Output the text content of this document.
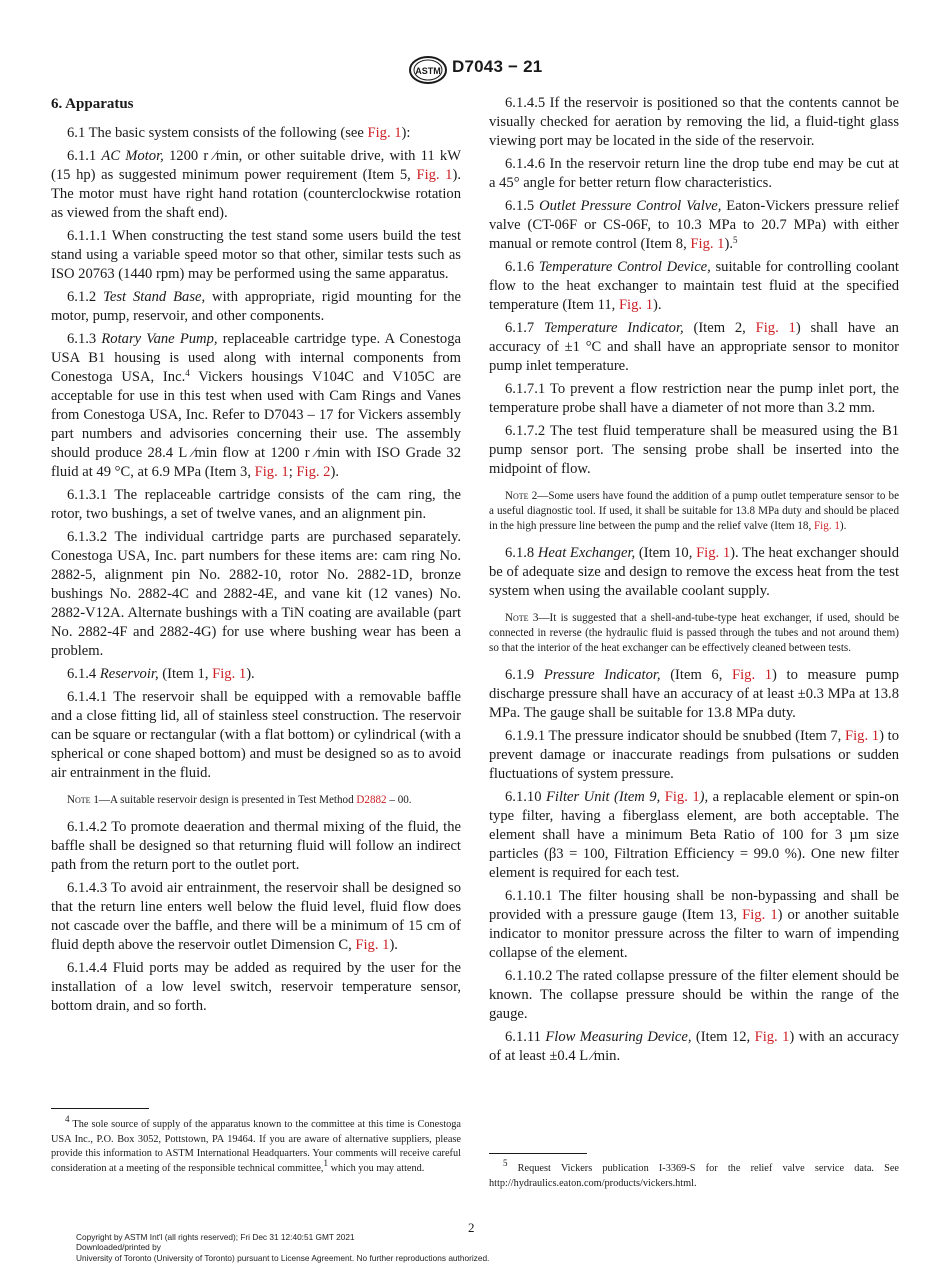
ASTM D7043 − 21
6. Apparatus

6.1 The basic system consists of the following (see Fig. 1):

6.1.1 AC Motor, 1200 r ⁄min, or other suitable drive, with 11 kW (15 hp) as suggested minimum power requirement (Item 5, Fig. 1). The motor must have right hand rotation (counterclockwise rotation as viewed from the shaft end).

6.1.1.1 When constructing the test stand some users build the test stand using a variable speed motor so that other, similar tests such as ISO 20763 (1440 rpm) may be performed using the same apparatus.

6.1.2 Test Stand Base, with appropriate, rigid mounting for the motor, pump, reservoir, and other components.

6.1.3 Rotary Vane Pump, replaceable cartridge type. A Conestoga USA B1 housing is used along with internal components from Conestoga USA, Inc.$^4$ Vickers housings V104C and V105C are acceptable for use in this test when used with Cam Rings and Vanes from Conestoga USA, Inc. Refer to D7043 – 17 for Vickers assembly part numbers and advisories concerning their use. The assembly should produce 28.4 L ⁄min flow at 1200 r ⁄min with ISO Grade 32 fluid at 49 °C, at 6.9 MPa (Item 3, Fig. 1; Fig. 2).

6.1.3.1 The replaceable cartridge consists of the cam ring, the rotor, two bushings, a set of twelve vanes, and an alignment pin.

6.1.3.2 The individual cartridge parts are purchased separately. Conestoga USA, Inc. part numbers for these items are: cam ring No. 2882-5, alignment pin No. 2882-10, rotor No. 2882-1D, bronze bushings No. 2882-4C and 2882-4E, and vane kit (12 vanes) No. 2882-V12A. Alternate bushings with a TiN coating are available (part No. 2882-4F and 2882-4G) for use where bushing wear has been a problem.

6.1.4 Reservoir, (Item 1, Fig. 1).

6.1.4.1 The reservoir shall be equipped with a removable baffle and a close fitting lid, all of stainless steel construction. The reservoir can be square or rectangular (with a flat bottom) or cylindrical (with a spherical or cone shaped bottom) and must be designed so as to avoid air entrainment in the fluid.

Note 1—A suitable reservoir design is presented in Test Method D2882 – 00.

6.1.4.2 To promote deaeration and thermal mixing of the fluid, the baffle shall be designed so that returning fluid will follow an indirect path from the return port to the outlet port.

6.1.4.3 To avoid air entrainment, the reservoir shall be designed so that the return line enters well below the fluid level, fluid flow does not cascade over the baffle, and there will be a minimum of 15 cm of fluid depth above the reservoir outlet Dimension C, Fig. 1).

6.1.4.4 Fluid ports may be added as required by the user for the installation of a low level switch, reservoir temperature sensor, bottom drain, and so forth.

$^4$ The sole source of supply of the apparatus known to the committee at this time is Conestoga USA Inc., P.O. Box 3052, Pottstown, PA 19464. If you are aware of alternative suppliers, please provide this information to ASTM International Headquarters. Your comments will receive careful consideration at a meeting of the responsible technical committee,$^1$ which you may attend.

6.1.4.5 If the reservoir is positioned so that the contents cannot be visually checked for aeration by removing the lid, a fluid-tight glass viewing port may be located in the side of the reservoir.

6.1.4.6 In the reservoir return line the drop tube end may be cut at a 45° angle for better return flow characteristics.

6.1.5 Outlet Pressure Control Valve, Eaton-Vickers pressure relief valve (CT-06F or CS-06F, to 10.3 MPa to 20.7 MPa) with either manual or remote control (Item 8, Fig. 1).$^5$

6.1.6 Temperature Control Device, suitable for controlling coolant flow to the heat exchanger to maintain test fluid at the specified temperature (Item 11, Fig. 1).

6.1.7 Temperature Indicator, (Item 2, Fig. 1) shall have an accuracy of ±1 °C and shall have an appropriate sensor to monitor pump inlet temperature.

6.1.7.1 To prevent a flow restriction near the pump inlet port, the temperature probe shall have a diameter of not more than 3.2 mm.

6.1.7.2 The test fluid temperature shall be measured using the B1 pump sensor port. The sensing probe shall be inserted into the midpoint of flow.

Note 2—Some users have found the addition of a pump outlet temperature sensor to be a useful diagnostic tool. If used, it shall be suitable for 13.8 MPa duty and should be placed in the high pressure line between the pump and the relief valve (Item 18, Fig. 1).

6.1.8 Heat Exchanger, (Item 10, Fig. 1). The heat exchanger should be of adequate size and design to remove the excess heat from the test system when using the available coolant supply.

Note 3—It is suggested that a shell-and-tube-type heat exchanger, if used, should be connected in reverse (the hydraulic fluid is passed through the tubes and not around them) so that the interior of the heat exchanger can be effectively cleaned between tests.

6.1.9 Pressure Indicator, (Item 6, Fig. 1) to measure pump discharge pressure shall have an accuracy of at least ±0.3 MPa at 13.8 MPa. The gauge shall be suitable for 13.8 MPa duty.

6.1.9.1 The pressure indicator should be snubbed (Item 7, Fig. 1) to prevent damage or inaccurate readings from pulsations or sudden fluctuations of system pressure.

6.1.10 Filter Unit (Item 9, Fig. 1), a replacable element or spin-on type filter, having a fiberglass element, are both acceptable. The element shall have a minimum Beta Ratio of 100 for 3 µm size particles (β3 = 100, Filtration Efficiency = 99.0 %). One new filter element is required for each test.

6.1.10.1 The filter housing shall be non-bypassing and shall be provided with a pressure gauge (Item 13, Fig. 1) or another suitable indicator to monitor pressure across the filter to warn of impending collapse of the element.

6.1.10.2 The rated collapse pressure of the filter element should be known. The collapse pressure should be within the range of the gauge.

6.1.11 Flow Measuring Device, (Item 12, Fig. 1) with an accuracy of at least ±0.4 L ⁄min.

$^5$ Request Vickers publication I-3369-S for the relief valve service data. See http://hydraulics.eaton.com/products/vickers.html.
2
Copyright by ASTM Int'l (all rights reserved); Fri Dec 31 12:40:51 GMT 2021
Downloaded/printed by
University of Toronto (University of Toronto) pursuant to License Agreement. No further reproductions authorized.
